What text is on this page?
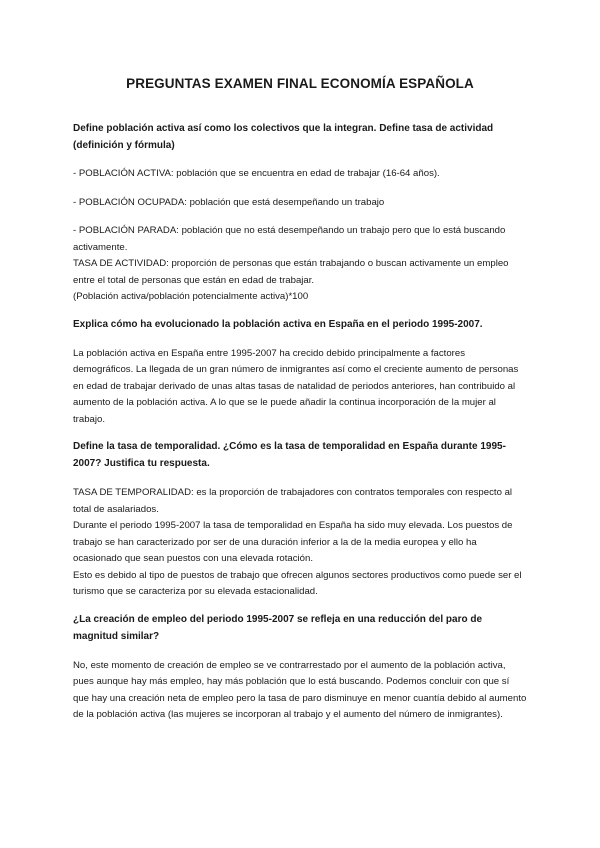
PREGUNTAS EXAMEN FINAL ECONOMÍA ESPAÑOLA

Define población activa así como los colectivos que la integran. Define tasa de actividad (definición y fórmula)

- POBLACIÓN ACTIVA: población que se encuentra en edad de trabajar (16-64 años).

- POBLACIÓN OCUPADA: población que está desempeñando un trabajo

- POBLACIÓN PARADA: población que no está desempeñando un trabajo pero que lo está buscando activamente.

TASA DE ACTIVIDAD: proporción de personas que están trabajando o buscan activamente un empleo entre el total de personas que están en edad de trabajar.

(Población activa/población potencialmente activa)*100

Explica cómo ha evolucionado la población activa en España en el periodo 1995-2007.

La población activa en España entre 1995-2007 ha crecido debido principalmente a factores demográficos. La llegada de un gran número de inmigrantes así como el creciente aumento de personas en edad de trabajar derivado de unas altas tasas de natalidad de periodos anteriores, han contribuido al aumento de la población activa. A lo que se le puede añadir la continua incorporación de la mujer al trabajo.

Define la tasa de temporalidad. ¿Cómo es la tasa de temporalidad en España durante 1995-2007? Justifica tu respuesta.

TASA DE TEMPORALIDAD: es la proporción de trabajadores con contratos temporales con respecto al total de asalariados.

Durante el periodo 1995-2007 la tasa de temporalidad en España ha sido muy elevada. Los puestos de trabajo se han caracterizado por ser de una duración inferior a la de la media europea y ello ha ocasionado que sean puestos con una elevada rotación.

Esto es debido al tipo de puestos de trabajo que ofrecen algunos sectores productivos como puede ser el turismo que se caracteriza por su elevada estacionalidad.

¿La creación de empleo del periodo 1995-2007 se refleja en una reducción del paro de magnitud similar?

No, este momento de creación de empleo se ve contrarrestado por el aumento de la población activa, pues aunque hay más empleo, hay más población que lo está buscando. Podemos concluir con que sí que hay una creación neta de empleo pero la tasa de paro disminuye en menor cuantía debido al aumento de la población activa (las mujeres se incorporan al trabajo y el aumento del número de inmigrantes).
